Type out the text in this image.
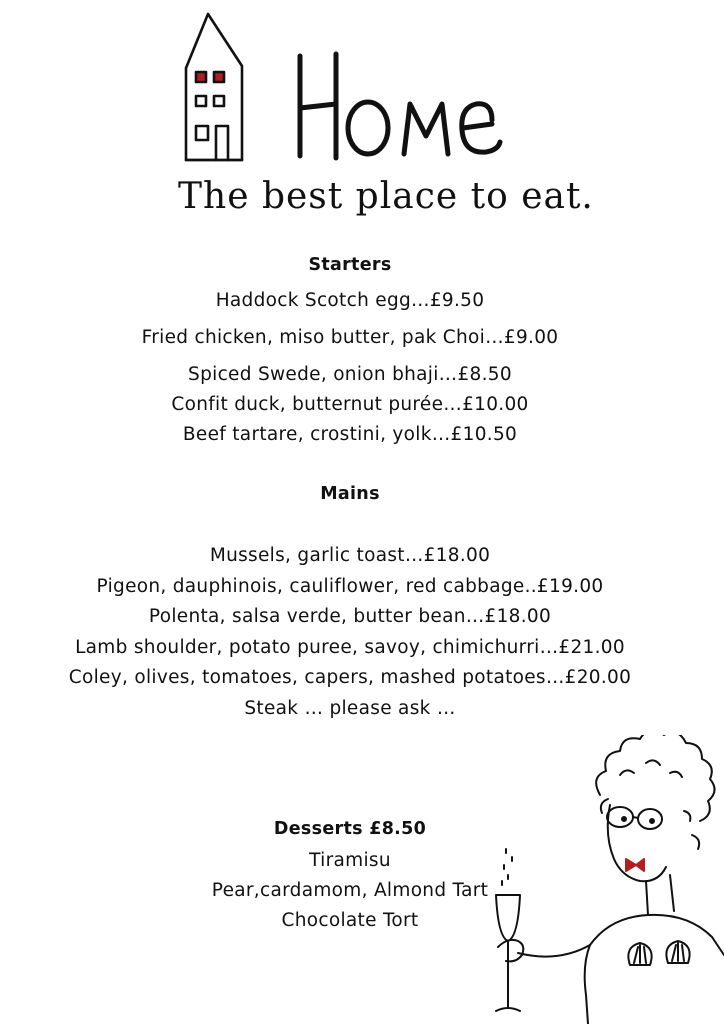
The best place to eat.
Starters
Haddock Scotch egg…£9.50
Fried chicken, miso butter, pak Choi…£9.00
Spiced Swede, onion bhaji…£8.50
Confit duck, butternut purée…£10.00
Beef tartare, crostini, yolk…£10.50
Mains
Mussels, garlic toast…£18.00
Pigeon, dauphinois, cauliflower, red cabbage..£19.00
Polenta, salsa verde, butter bean…£18.00
Lamb shoulder, potato puree, savoy, chimichurri…£21.00
Coley, olives, tomatoes, capers, mashed potatoes…£20.00
Steak … please ask …
Desserts £8.50
Tiramisu
Pear,cardamom, Almond Tart
Chocolate Tort
